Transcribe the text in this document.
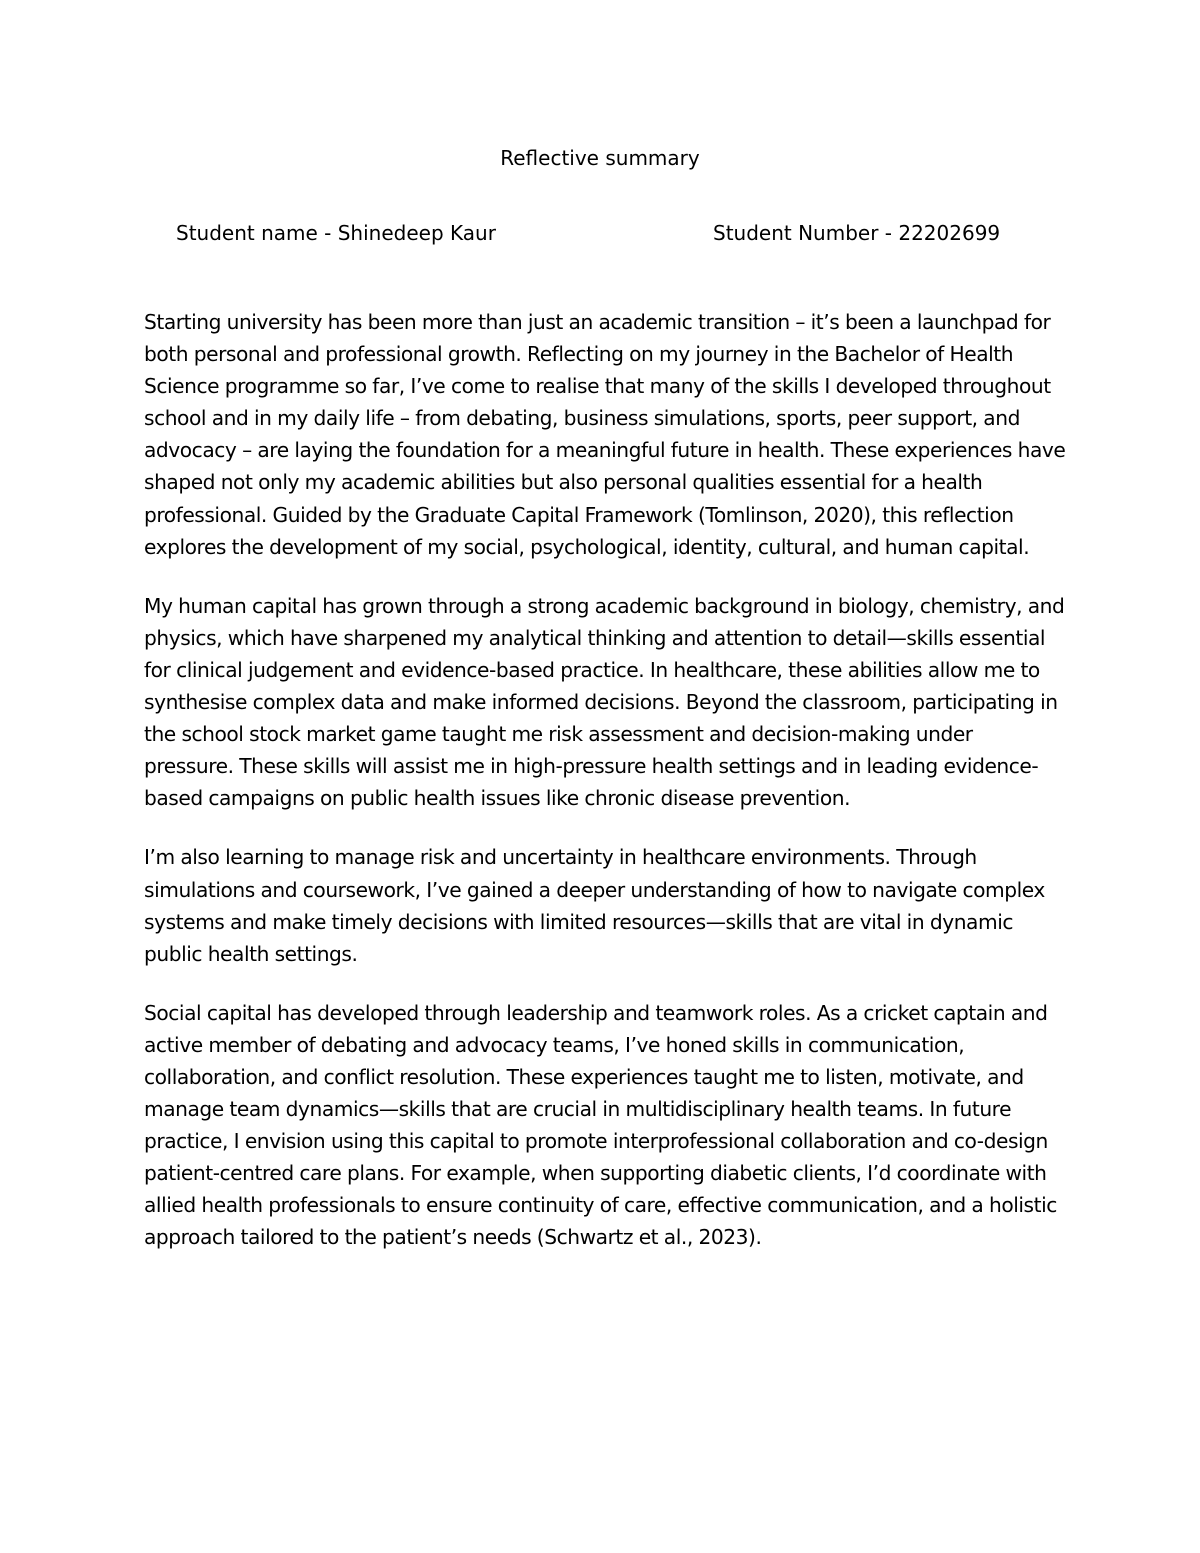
Reflective summary
Student name - Shinedeep Kaur	Student Number - 22202699

Starting university has been more than just an academic transition – it’s been a launchpad for both personal and professional growth. Reflecting on my journey in the Bachelor of Health Science programme so far, I’ve come to realise that many of the skills I developed throughout school and in my daily life – from debating, business simulations, sports, peer support, and advocacy – are laying the foundation for a meaningful future in health. These experiences have shaped not only my academic abilities but also personal qualities essential for a health professional. Guided by the Graduate Capital Framework (Tomlinson, 2020), this reflection explores the development of my social, psychological, identity, cultural, and human capital.

My human capital has grown through a strong academic background in biology, chemistry, and physics, which have sharpened my analytical thinking and attention to detail—skills essential for clinical judgement and evidence-based practice. In healthcare, these abilities allow me to synthesise complex data and make informed decisions. Beyond the classroom, participating in the school stock market game taught me risk assessment and decision-making under pressure. These skills will assist me in high-pressure health settings and in leading evidence-based campaigns on public health issues like chronic disease prevention.

I’m also learning to manage risk and uncertainty in healthcare environments. Through simulations and coursework, I’ve gained a deeper understanding of how to navigate complex systems and make timely decisions with limited resources—skills that are vital in dynamic public health settings.

Social capital has developed through leadership and teamwork roles. As a cricket captain and active member of debating and advocacy teams, I’ve honed skills in communication, collaboration, and conflict resolution. These experiences taught me to listen, motivate, and manage team dynamics—skills that are crucial in multidisciplinary health teams. In future practice, I envision using this capital to promote interprofessional collaboration and co-design patient-centred care plans. For example, when supporting diabetic clients, I’d coordinate with allied health professionals to ensure continuity of care, effective communication, and a holistic approach tailored to the patient’s needs (Schwartz et al., 2023).
